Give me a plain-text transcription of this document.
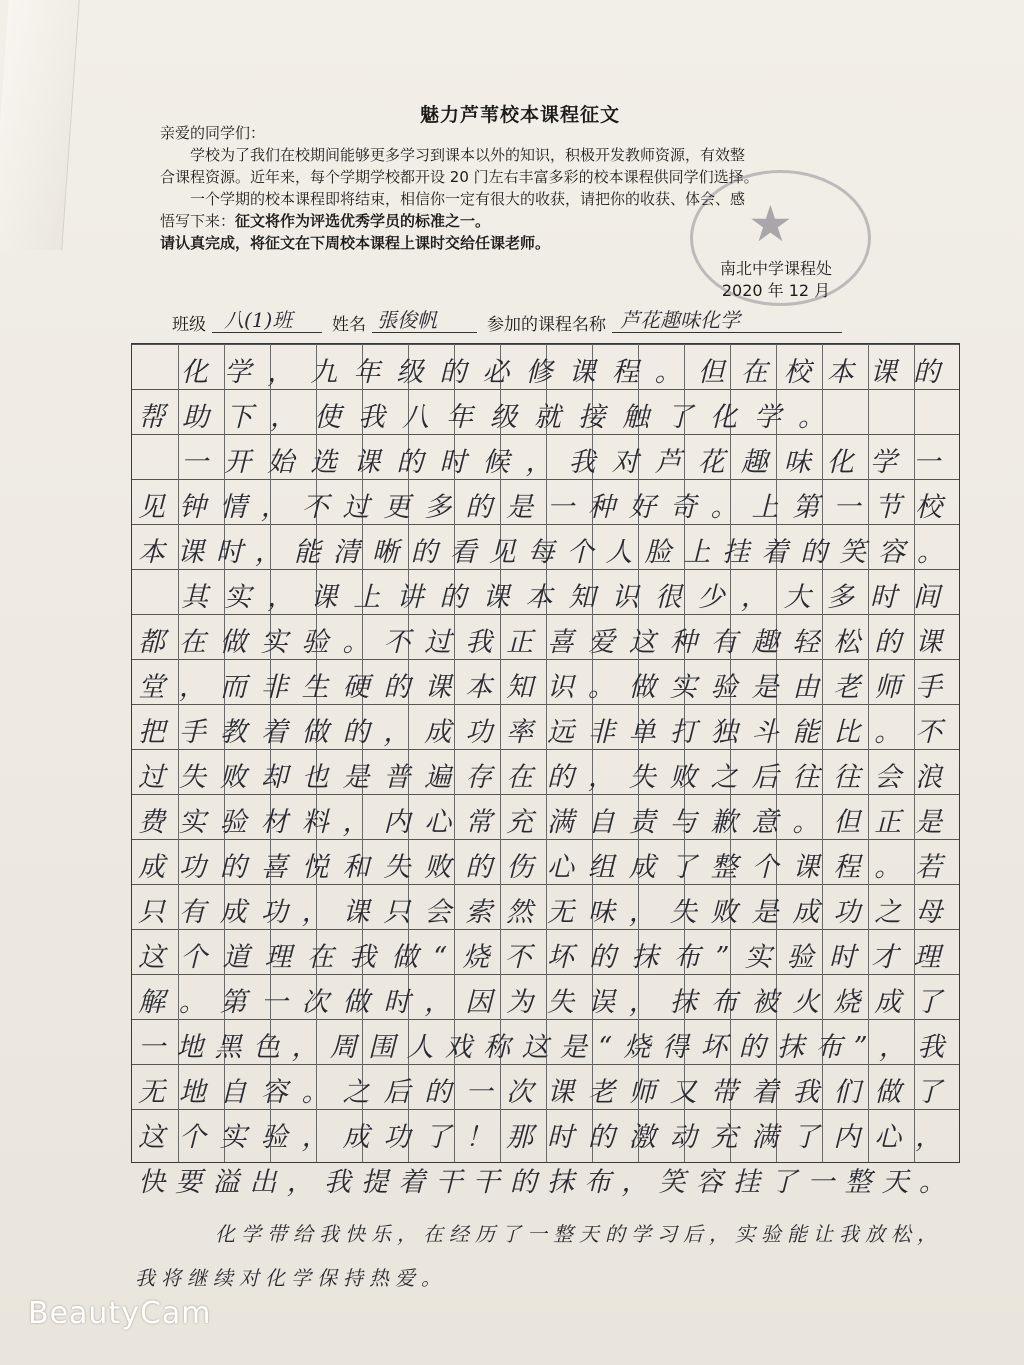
魅力芦苇校本课程征文

亲爱的同学们：

学校为了我们在校期间能够更多学习到课本以外的知识，积极开发教师资源，有效整

合课程资源。近年来，每个学期学校都开设 20 门左右丰富多彩的校本课程供同学们选择。

一个学期的校本课程即将结束，相信你一定有很大的收获，请把你的收获、体会、感

悟写下来：征文将作为评选优秀学员的标准之一。

请认真完成，将征文在下周校本课程上课时交给任课老师。	★
南北中学课程处
2020 年 12 月
班级 八(1)班 姓名 張俊帆	参加的课程名称 芦花趣味化学
　化学，九年级的必修课程。但在校本课的
帮助下，使我八年级就接触了化学。
　一开始选课的时候，我对芦花趣味化学一
见钟情，不过更多的是一种好奇。上第一节校
本课时，能清晰的看见每个人脸上挂着的笑容。
　其实，课上讲的课本知识很少，大多时间
都在做实验。不过我正喜爱这种有趣轻松的课
堂，而非生硬的课本知识。做实验是由老师手
把手教着做的，成功率远非单打独斗能比。不
过失败却也是普遍存在的，失败之后往往会浪
费实验材料，内心常充满自责与歉意。但正是
成功的喜悦和失败的伤心组成了整个课程。若
只有成功，课只会索然无味，失败是成功之母
这个道理在我做“烧不坏的抹布”实验时才理
解。第一次做时，因为失误，抹布被火烧成了
一地黑色，周围人戏称这是“烧得坏的抹布”，我
无地自容。之后的一次课老师又带着我们做了
这个实验，成功了！那时的激动充满了内心，
快要溢出，我提着干干的抹布，笑容挂了一整天。
化学带给我快乐，在经历了一整天的学习后，实验能让我放松，
我将继续对化学保持热爱。
BeautyCam
